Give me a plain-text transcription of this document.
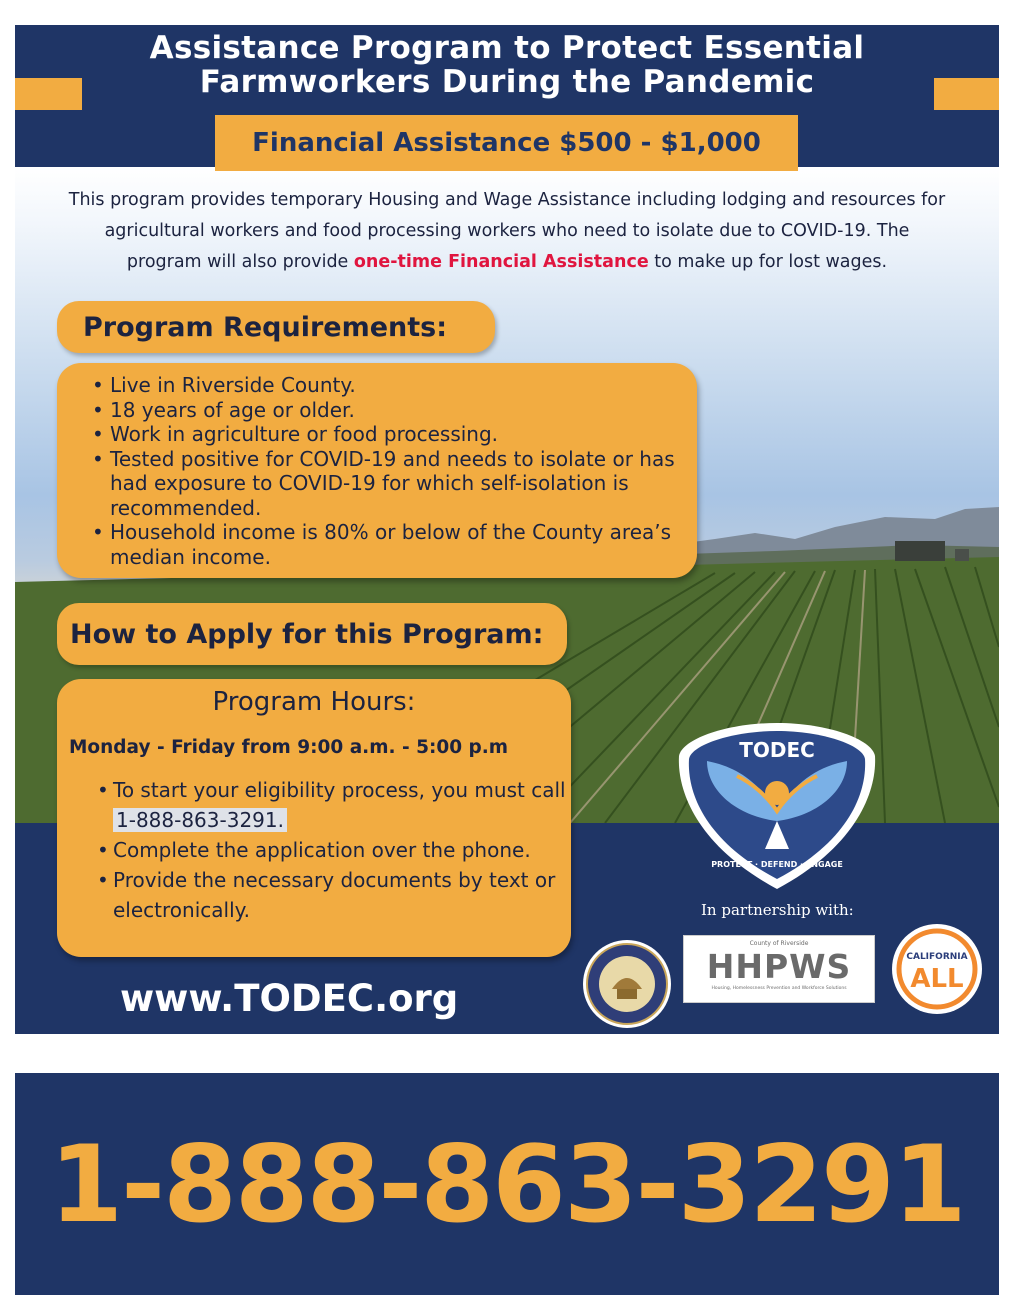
Assistance Program to Protect Essential
Farmworkers During the Pandemic
Financial Assistance $500 - $1,000
This program provides temporary Housing and Wage Assistance including lodging and resources for
agricultural workers and food processing workers who need to isolate due to COVID-19. The
program will also provide one-time Financial Assistance to make up for lost wages.
Program Requirements:
• Live in Riverside County.
• 18 years of age or older.
• Work in agriculture or food processing.
• Tested positive for COVID-19 and needs to isolate or has had exposure to COVID-19 for which self-isolation is recommended.
• Household income is 80% or below of the County area’s median income.
How to Apply for this Program:
Program Hours:
Monday - Friday from 9:00 a.m. - 5:00 p.m
• To start your eligibility process, you must call 1-888-863-3291.
• Complete the application over the phone.
• Provide the necessary documents by text or electronically.
www.TODEC.org
TODEC
PROTECT · DEFEND · ENGAGE
In partnership with:
County of Riverside
HHPWS
Housing, Homelessness Prevention and Workforce Solutions
CALIFORNIA
ALL
1-888-863-3291
